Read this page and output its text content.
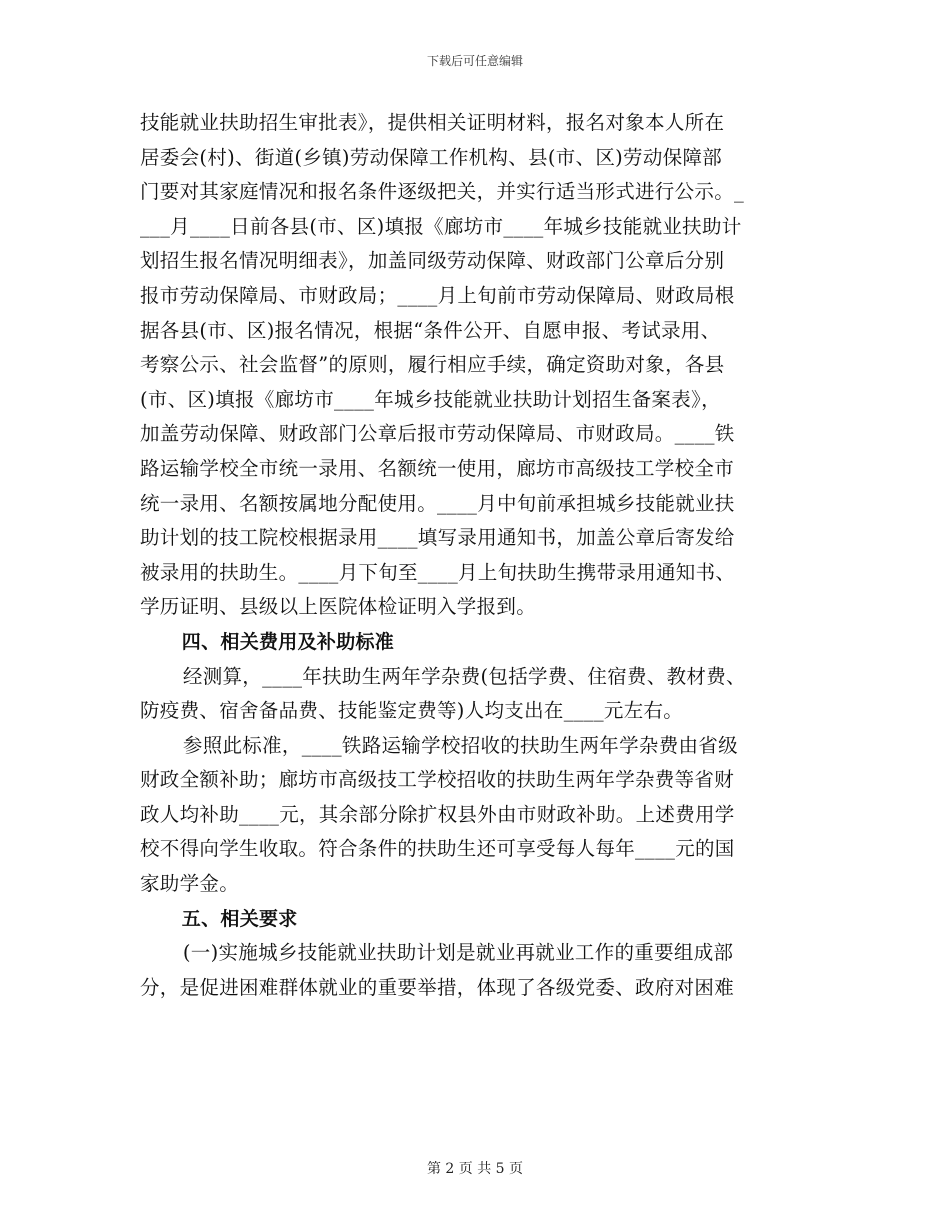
下载后可任意编辑
技能就业扶助招生审批表》，提供相关证明材料，报名对象本人所在
居委会(村)、街道(乡镇)劳动保障工作机构、县(市、区)劳动保障部
门要对其家庭情况和报名条件逐级把关，并实行适当形式进行公示。_
___月____日前各县(市、区)填报《廊坊市____年城乡技能就业扶助计
划招生报名情况明细表》，加盖同级劳动保障、财政部门公章后分别
报市劳动保障局、市财政局；____月上旬前市劳动保障局、财政局根
据各县(市、区)报名情况，根据“条件公开、自愿申报、考试录用、
考察公示、社会监督”的原则，履行相应手续，确定资助对象，各县
(市、区)填报《廊坊市____年城乡技能就业扶助计划招生备案表》，
加盖劳动保障、财政部门公章后报市劳动保障局、市财政局。____铁
路运输学校全市统一录用、名额统一使用，廊坊市高级技工学校全市
统一录用、名额按属地分配使用。____月中旬前承担城乡技能就业扶
助计划的技工院校根据录用____填写录用通知书，加盖公章后寄发给
被录用的扶助生。____月下旬至____月上旬扶助生携带录用通知书、
学历证明、县级以上医院体检证明入学报到。
四、相关费用及补助标准
经测算，____年扶助生两年学杂费(包括学费、住宿费、教材费、
防疫费、宿舍备品费、技能鉴定费等)人均支出在____元左右。
参照此标准，____铁路运输学校招收的扶助生两年学杂费由省级
财政全额补助；廊坊市高级技工学校招收的扶助生两年学杂费等省财
政人均补助____元，其余部分除扩权县外由市财政补助。上述费用学
校不得向学生收取。符合条件的扶助生还可享受每人每年____元的国
家助学金。
五、相关要求
(一)实施城乡技能就业扶助计划是就业再就业工作的重要组成部
分，是促进困难群体就业的重要举措，体现了各级党委、政府对困难
第 2 页 共 5 页
